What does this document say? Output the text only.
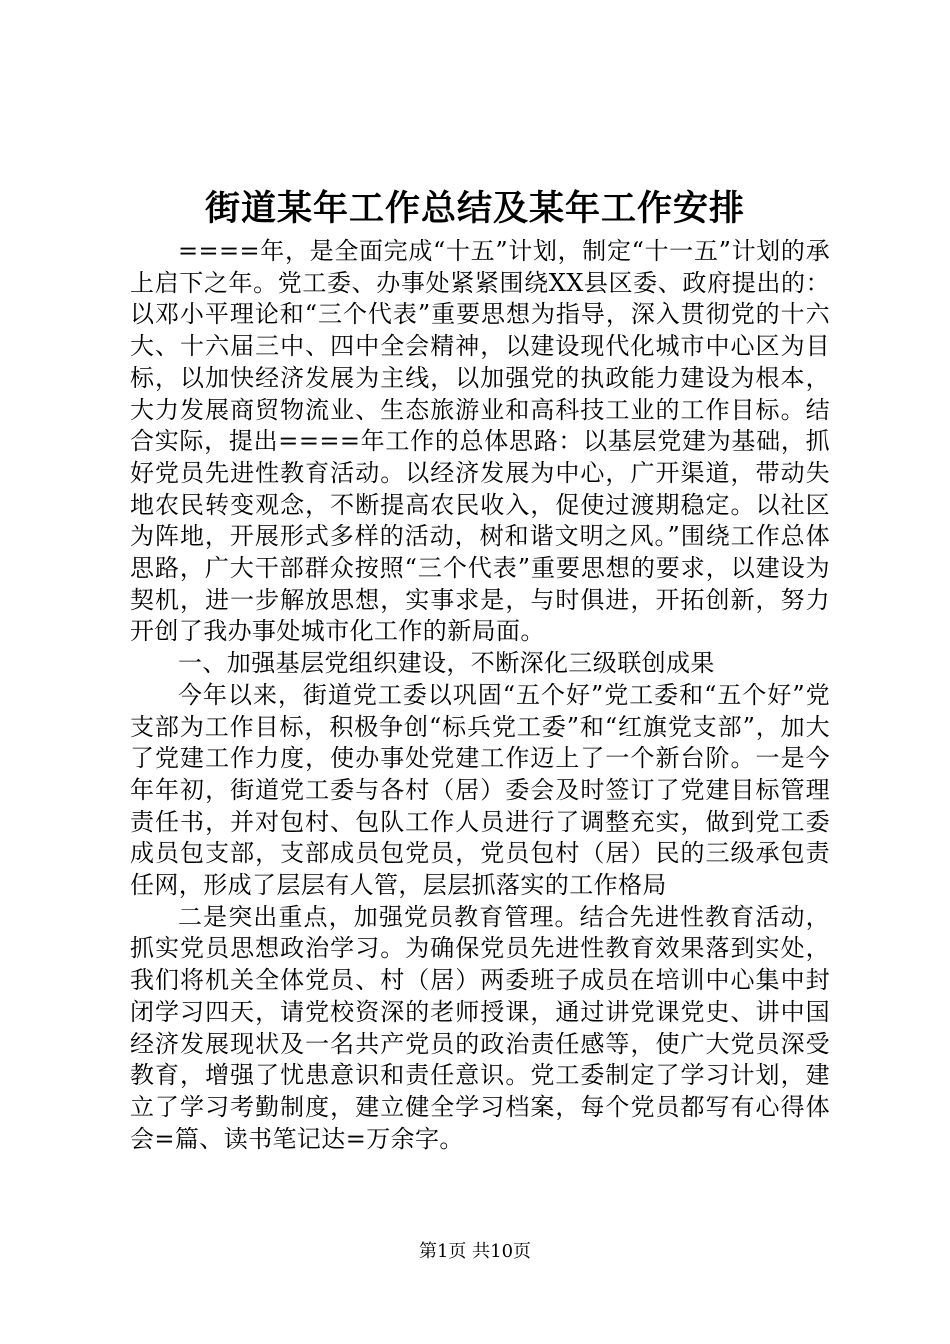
街道某年工作总结及某年工作安排

====年，是全面完成“十五”计划，制定“十一五”计划的承上启下之年。党工委、办事处紧紧围绕XX县区委、政府提出的：以邓小平理论和“三个代表”重要思想为指导，深入贯彻党的十六大、十六届三中、四中全会精神，以建设现代化城市中心区为目标，以加快经济发展为主线，以加强党的执政能力建设为根本，大力发展商贸物流业、生态旅游业和高科技工业的工作目标。结合实际，提出====年工作的总体思路：以基层党建为基础，抓好党员先进性教育活动。以经济发展为中心，广开渠道，带动失地农民转变观念，不断提高农民收入，促使过渡期稳定。以社区为阵地，开展形式多样的活动，树和谐文明之风。”围绕工作总体思路，广大干部群众按照“三个代表”重要思想的要求，以建设为契机，进一步解放思想，实事求是，与时俱进，开拓创新，努力开创了我办事处城市化工作的新局面。

一、加强基层党组织建设，不断深化三级联创成果

今年以来，街道党工委以巩固“五个好”党工委和“五个好”党支部为工作目标，积极争创“标兵党工委”和“红旗党支部”，加大了党建工作力度，使办事处党建工作迈上了一个新台阶。一是今年年初，街道党工委与各村（居）委会及时签订了党建目标管理责任书，并对包村、包队工作人员进行了调整充实，做到党工委成员包支部，支部成员包党员，党员包村（居）民的三级承包责任网，形成了层层有人管，层层抓落实的工作格局

二是突出重点，加强党员教育管理。结合先进性教育活动，抓实党员思想政治学习。为确保党员先进性教育效果落到实处，我们将机关全体党员、村（居）两委班子成员在培训中心集中封闭学习四天，请党校资深的老师授课，通过讲党课党史、讲中国经济发展现状及一名共产党员的政治责任感等，使广大党员深受教育，增强了忧患意识和责任意识。党工委制定了学习计划，建立了学习考勤制度，建立健全学习档案，每个党员都写有心得体会=篇、读书笔记达=万余字。

第1页 共10页
